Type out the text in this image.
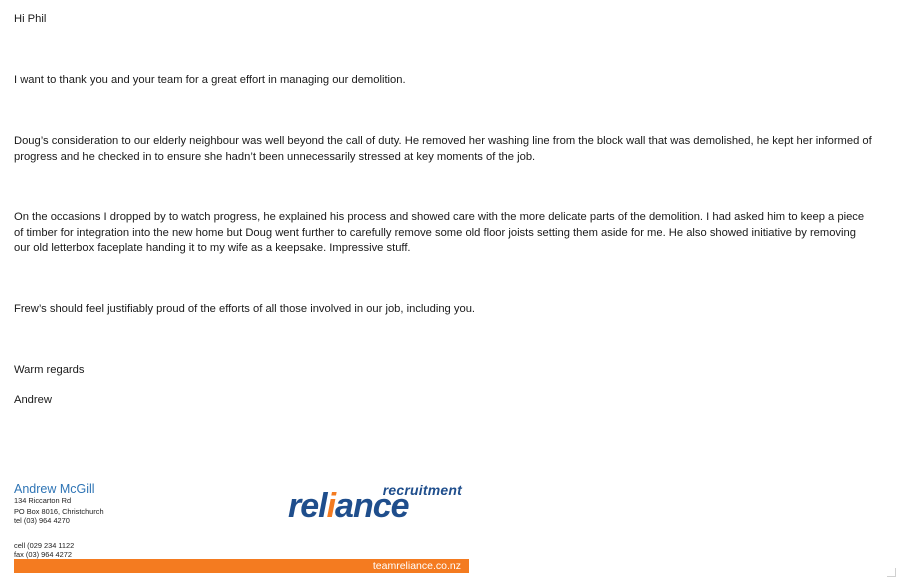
Hi Phil

I want to thank you and your team for a great effort in managing our demolition.

Doug’s consideration to our elderly neighbour was well beyond the call of duty. He removed her washing line from the block wall that was demolished, he kept her informed of progress and he checked in to ensure she hadn’t been unnecessarily stressed at key moments of the job.

On the occasions I dropped by to watch progress, he explained his process and showed care with the more delicate parts of the demolition. I had asked him to keep a piece of timber for integration into the new home but Doug went further to carefully remove some old floor joists setting them aside for me. He also showed initiative by removing our old letterbox faceplate handing it to my wife as a keepsake. Impressive stuff.

Frew’s should feel justifiably proud of the efforts of all those involved in our job, including you.

Warm regards

Andrew

Andrew McGill

134 Riccarton Rd

PO Box 8016, Christchurch

tel (03) 964 4270

cell (029 234 1122

fax (03) 964 4272

recruitment
reliance
teamreliance.co.nz
